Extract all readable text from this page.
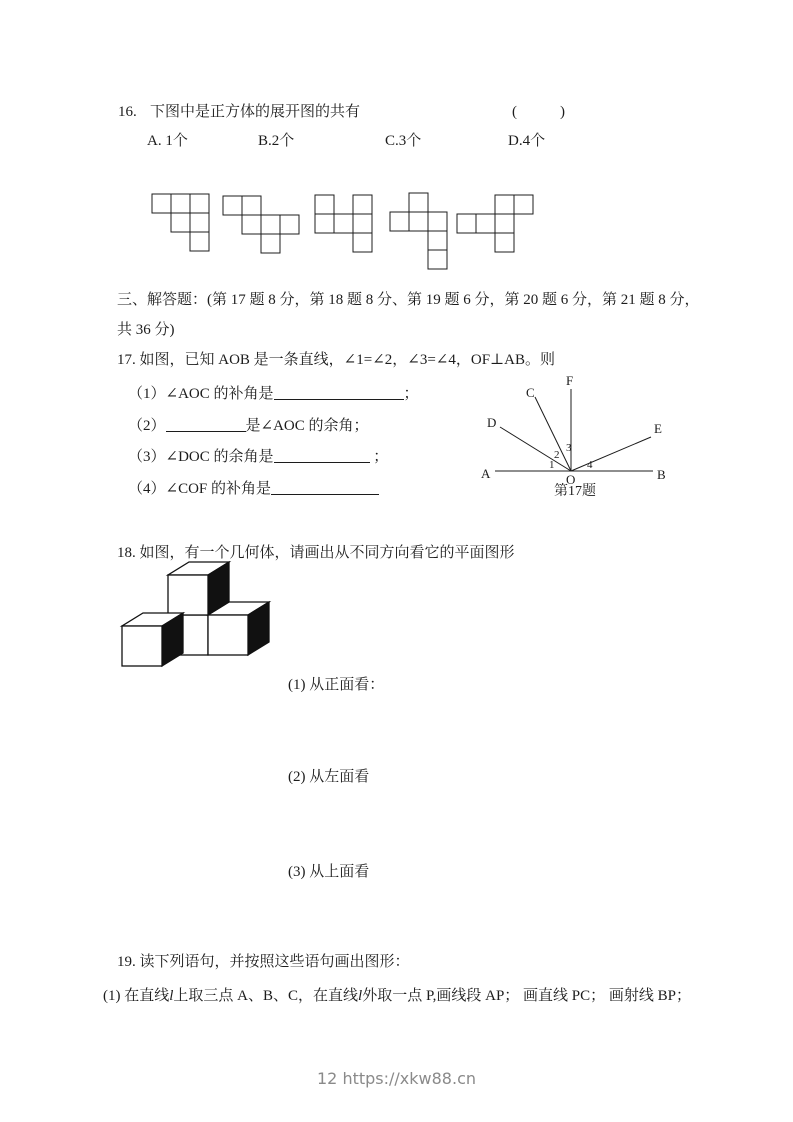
16. 下图中是正方体的展开图的共有	(	)
A. 1个	B.2个	C.3个	D.4个
三、解答题：(第 17 题 8 分，第 18 题 8 分、第 19 题 6 分，第 20 题 6 分，第 21 题 8 分，
共 36 分)
17. 如图，已知 AOB 是一条直线，∠1=∠2，∠3=∠4，OF⊥AB。则
（1）∠AOC 的补角是	；
（2）	是∠AOC 的余角；
（3）∠DOC 的余角是	；
（4）∠COF 的补角是
A	B
C
D	E
F
O
1
2
3
4
第17题
18. 如图，有一个几何体，请画出从不同方向看它的平面图形
(1) 从正面看：
(2) 从左面看
(3) 从上面看
19. 读下列语句，并按照这些语句画出图形：
(1) 在直线l上取三点 A、B、C，在直线l外取一点 P,画线段 AP； 画直线 PC； 画射线 BP；
12 https://xkw88.cn
